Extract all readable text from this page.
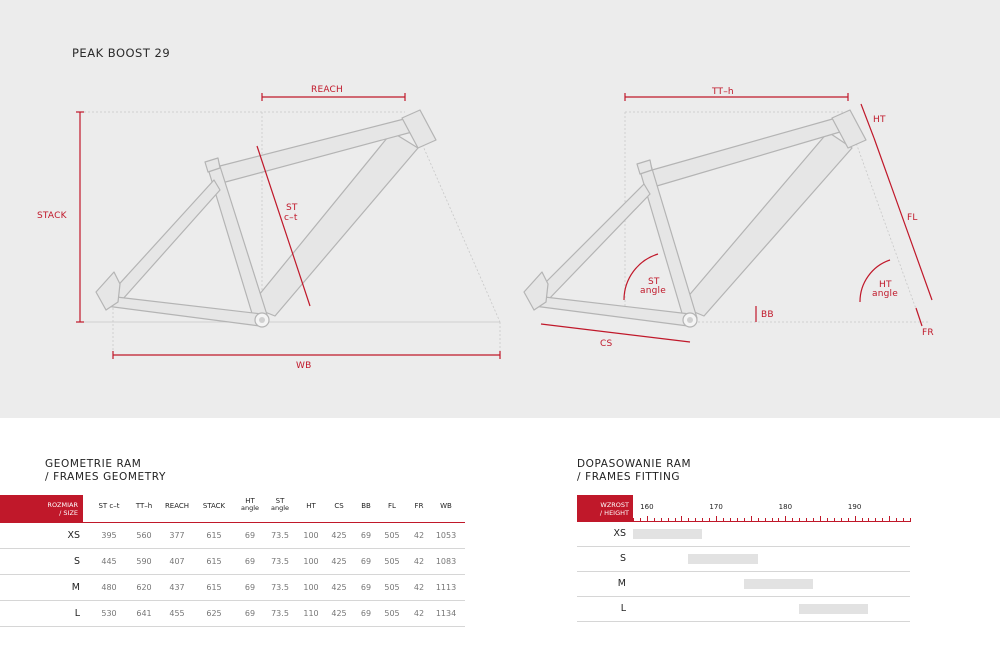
PEAK BOOST 29
REACH
STACK
ST
c–t
WB
TT–h
HT
FL
ST
angle
HT
angle
BB
CS
FR
GEOMETRIE RAM
/ FRAMES GEOMETRY
ROZMIAR
/ SIZE
ST c–t	TT–h	REACH	STACK
HT
angle
ST
angle	HT	CS	BB	FL	FR	WB
XS	395	560	377	615	69	73.5	100	425	69	505	42	1053
S	445	590	407	615	69	73.5	100	425	69	505	42	1083
M	480	620	437	615	69	73.5	100	425	69	505	42	1113
L	530	641	455	625	69	73.5	110	425	69	505	42	1134
DOPASOWANIE RAM
/ FRAMES FITTING
WZROST
/ HEIGHT
160	170	180	190
XS
S
M
L
